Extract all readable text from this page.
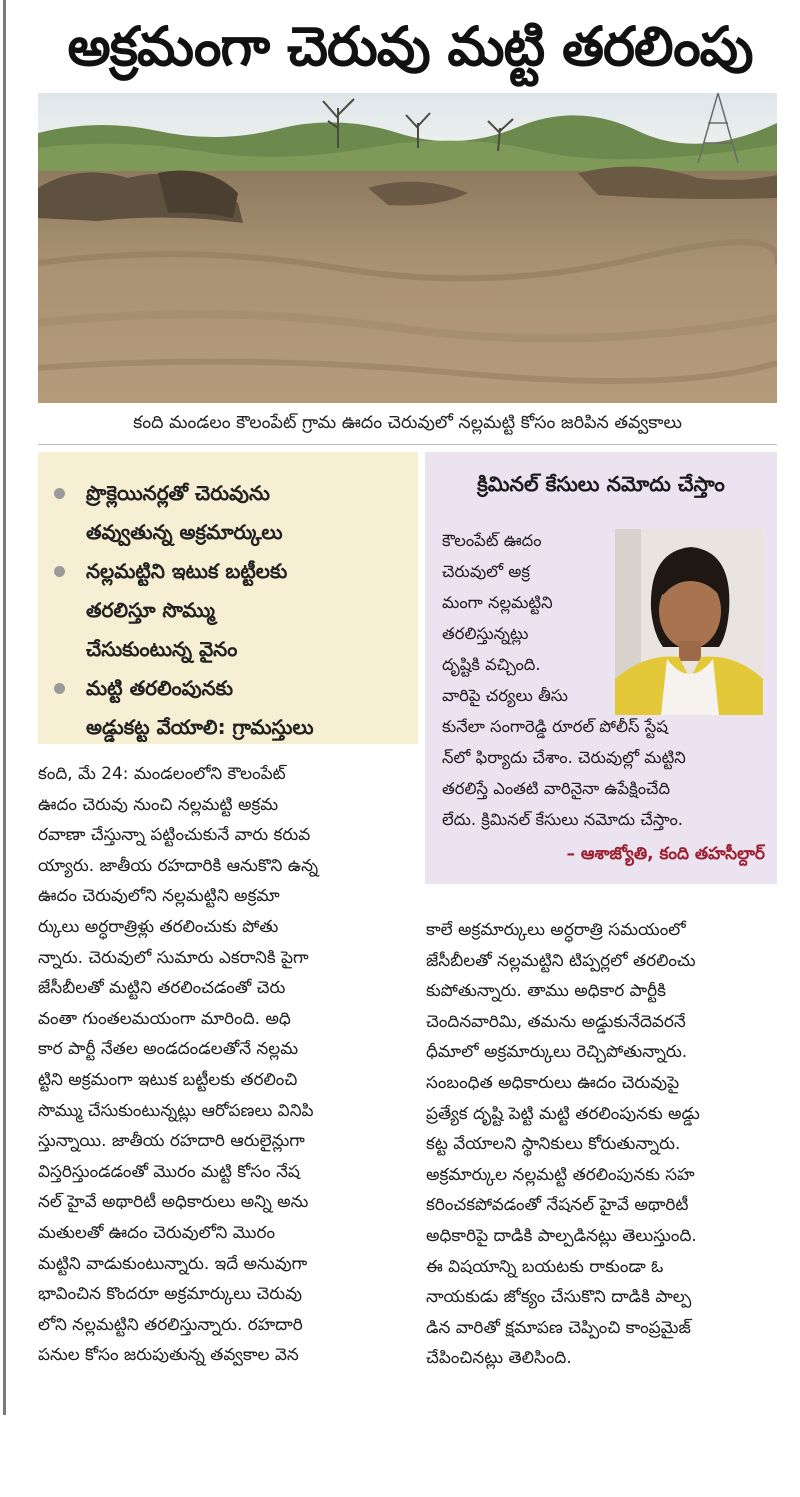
అక్రమంగా చెరువు మట్టి తరలింపు
కంది మండలం కౌలంపేట్ గ్రామ ఊదం చెరువులో నల్లమట్టి కోసం జరిపిన తవ్వకాలు
ప్రొక్లెయినర్లతో చెరువును
తవ్వుతున్న అక్రమార్కులు
నల్లమట్టిని ఇటుక బట్టీలకు
తరలిస్తూ సొమ్ము
చేసుకుంటున్న వైనం
మట్టి తరలింపునకు
అడ్డుకట్ట వేయాలి: గ్రామస్తులు
క్రిమినల్ కేసులు నమోదు చేస్తాం
కౌలంపేట్ ఊదం
చెరువులో అక్ర
మంగా నల్లమట్టిని
తరలిస్తున్నట్లు
దృష్టికి వచ్చింది.
వారిపై చర్యలు తీసు
కునేలా సంగారెడ్డి రూరల్ పోలీస్ స్టేష
న్‌లో ఫిర్యాదు చేశాం. చెరువుల్లో మట్టిని
తరలిస్తే ఎంతటి వారినైనా ఉపేక్షించేది
లేదు. క్రిమినల్ కేసులు నమోదు చేస్తాం.
– ఆశాజ్యోతి, కంది తహసీల్దార్
కంది, మే 24: మండలంలోని కౌలంపేట్
ఊదం చెరువు నుంచి నల్లమట్టి అక్రమ
రవాణా చేస్తున్నా పట్టించుకునే వారు కరువ
య్యారు. జాతీయ రహదారికి ఆనుకొని ఉన్న
ఊదం చెరువులోని నల్లమట్టిని అక్రమా
ర్కులు అర్ధరాత్రిళ్లు తరలించుకు పోతు
న్నారు. చెరువులో సుమారు ఎకరానికి పైగా
జేసీబీలతో మట్టిని తరలించడంతో చెరు
వంతా గుంతలమయంగా మారింది. అధి
కార పార్టీ నేతల అండదండలతోనే నల్లమ
ట్టిని అక్రమంగా ఇటుక బట్టీలకు తరలించి
సొమ్ము చేసుకుంటున్నట్లు ఆరోపణలు వినిపి
స్తున్నాయి. జాతీయ రహదారి ఆరులైన్లుగా
విస్తరిస్తుండడంతో మొరం మట్టి కోసం నేష
నల్ హైవే అథారిటీ అధికారులు అన్ని అను
మతులతో ఊదం చెరువులోని మొరం
మట్టిని వాడుకుంటున్నారు. ఇదే అనువుగా
భావించిన కొందరూ అక్రమార్కులు చెరువు
లోని నల్లమట్టిని తరలిస్తున్నారు. రహదారి
పనుల కోసం జరుపుతున్న తవ్వకాల వెన
కాలే అక్రమార్కులు అర్ధరాత్రి సమయంలో
జేసీబీలతో నల్లమట్టిని టిప్పర్లలో తరలించు
కుపోతున్నారు. తాము అధికార పార్టీకి
చెందినవారిమి, తమను అడ్డుకునేదెవరనే
ధీమాలో అక్రమార్కులు రెచ్చిపోతున్నారు.
సంబంధిత అధికారులు ఊదం చెరువుపై
ప్రత్యేక దృష్టి పెట్టి మట్టి తరలింపునకు అడ్డు
కట్ట వేయాలని స్థానికులు కోరుతున్నారు.
అక్రమార్కుల నల్లమట్టి తరలింపునకు సహ
కరించకపోవడంతో నేషనల్ హైవే అథారిటీ
అధికారిపై దాడికి పాల్పడినట్లు తెలుస్తుంది.
ఈ విషయాన్ని బయటకు రాకుండా ఓ
నాయకుడు జోక్యం చేసుకొని దాడికి పాల్ప
డిన వారితో క్షమాపణ చెప్పించి కాంప్రమైజ్
చేపించినట్లు తెలిసింది.
